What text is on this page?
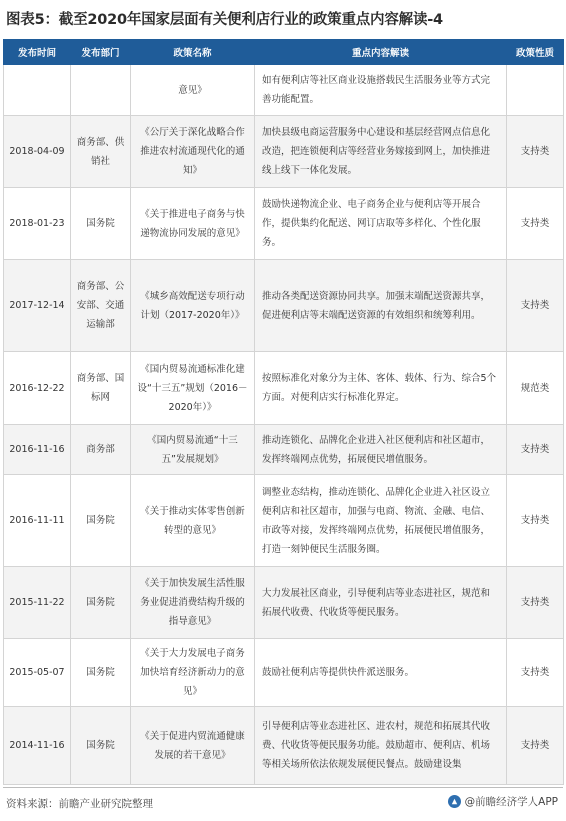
图表5：截至2020年国家层面有关便利店行业的政策重点内容解读-4
发布时间	发布部门	政策名称	重点内容解读	政策性质
		意见》	如有便利店等社区商业设施搭载民生活服务业等方式完善功能配置。	
2018-04-09	商务部、供销社	《公厅关于深化战略合作 推进农村流通现代化的通知》	加快县级电商运营服务中心建设和基层经营网点信息化改造，把连锁便利店等经营业务嫁接到网上，加快推进线上线下一体化发展。	支持类
2018-01-23	国务院	《关于推进电子商务与快递物流协同发展的意见》	鼓励快递物流企业、电子商务企业与便利店等开展合作，提供集约化配送、网订店取等多样化、个性化服务。	支持类
2017-12-14	商务部、公安部、交通运输部	《城乡高效配送专项行动计划（2017-2020年）》	推动各类配送资源协同共享。加强末端配送资源共享，促进便利店等末端配送资源的有效组织和统筹利用。	支持类
2016-12-22	商务部、国标网	《国内贸易流通标准化建设“十三五”规划（2016－2020年）》	按照标准化对象分为主体、客体、载体、行为、综合5个方面。对便利店实行标准化界定。	规范类
2016-11-16	商务部	《国内贸易流通“十三五”发展规划》	推动连锁化、品牌化企业进入社区便利店和社区超市，发挥终端网点优势，拓展便民增值服务。	支持类
2016-11-11	国务院	《关于推动实体零售创新转型的意见》	调整业态结构，推动连锁化、品牌化企业进入社区设立便利店和社区超市，加强与电商、物流、金融、电信、市政等对接，发挥终端网点优势，拓展便民增值服务，打造一刻钟便民生活服务圈。	支持类
2015-11-22	国务院	《关于加快发展生活性服务业促进消费结构升级的指导意见》	大力发展社区商业，引导便利店等业态进社区，规范和拓展代收费、代收货等便民服务。	支持类
2015-05-07	国务院	《关于大力发展电子商务加快培育经济新动力的意见》	鼓励社便利店等提供快件派送服务。	支持类
2014-11-16	国务院	《关于促进内贸流通健康发展的若干意见》	引导便利店等业态进社区、进农村，规范和拓展其代收费、代收货等便民服务功能。鼓励超市、便利店、机场等相关场所依法依规发展便民餐点。鼓励建设集	支持类
资料来源：前瞻产业研究院整理	@前瞻经济学人APP
